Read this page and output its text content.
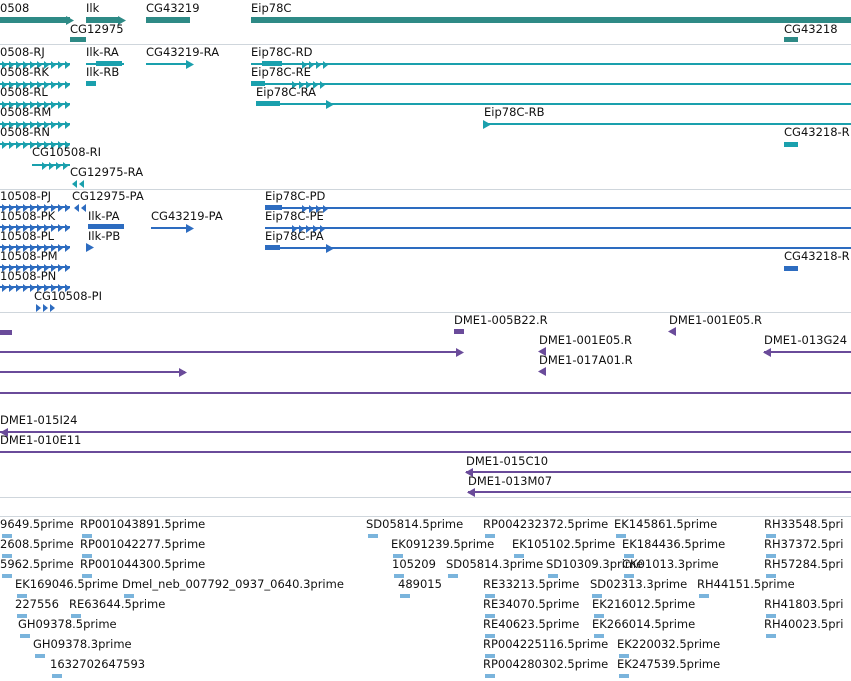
0508	Ilk	CG43219	Eip78C
CG12975	CG43218
0508-RJ
0508-RK
0508-RL
0508-RM
0508-RN
CG10508-RI
CG12975-RA
Ilk-RA
Ilk-RB
CG43219-RA	Eip78C-RD
Eip78C-RE
Eip78C-RA
Eip78C-RB
CG43218-R
10508-PJ
10508-PK
10508-PL
10508-PM
10508-PN
CG10508-PI
CG12975-PA
Ilk-PA
Ilk-PB
CG43219-PA
Eip78C-PD
Eip78C-PE
Eip78C-PA
CG43218-R
DME1-005B22.R	DME1-001E05.R
DME1-001E05.R	DME1-013G24
DME1-017A01.R
DME1-015I24
DME1-010E11
DME1-015C10
DME1-013M07
9649.5prime RP001043891.5prime	SD05814.5prime RP004232372.5prime EK145861.5prime	RH33548.5pri
2608.5prime RP001042277.5prime	EK091239.5prime EK105102.5prime EK184436.5prime	RH37372.5pri
5962.5prime RP001044300.5prime	105209 SD05814.3prime SD10309.3prime
CK01013.3prime	RH57284.5pri
EK169046.5prime Dmel_neb_007792_0937_0640.3prime	489015	RE33213.5prime SD02313.3prime RH44151.5prime
227556 RE63644.5prime	RE34070.5prime EK216012.5prime	RH41803.5pri
GH09378.5prime	RE40623.5prime EK266014.5prime	RH40023.5pri
GH09378.3prime	RP004225116.5prime EK220032.5prime
1632702647593	RP004280302.5prime EK247539.5prime
